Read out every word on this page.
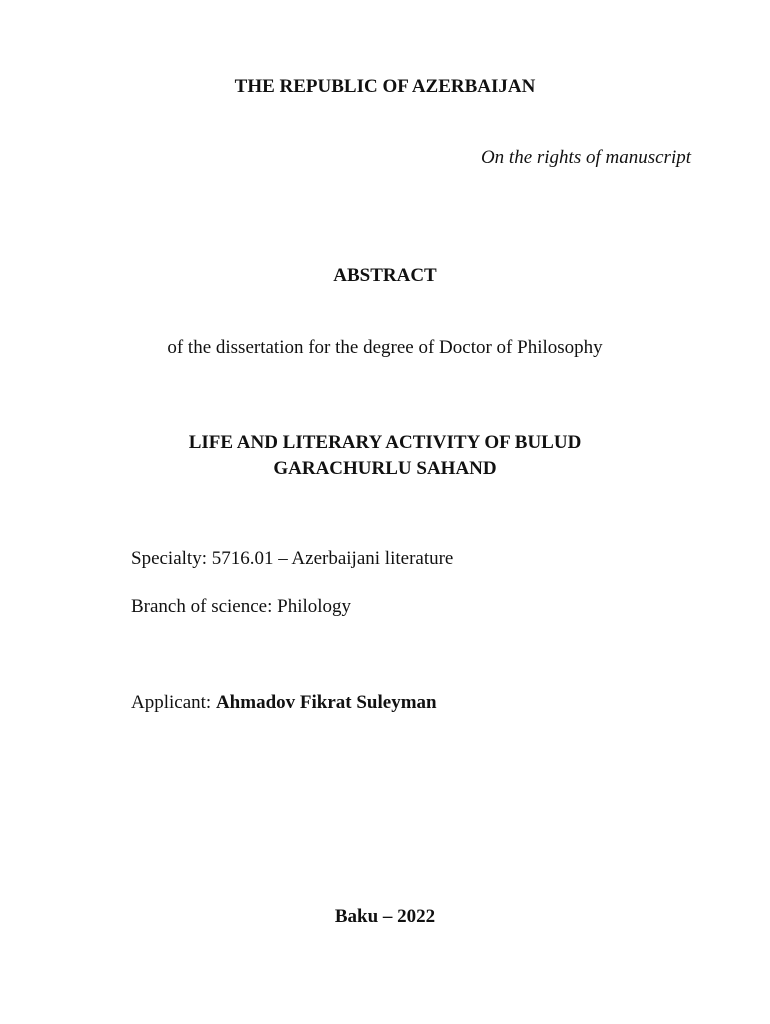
THE REPUBLIC OF AZERBAIJAN
On the rights of manuscript
ABSTRACT
of the dissertation for the degree of Doctor of Philosophy
LIFE AND LITERARY ACTIVITY OF BULUD
GARACHURLU SAHAND
Specialty: 5716.01 – Azerbaijani literature
Branch of science: Philology
Applicant: Ahmadov Fikrat Suleyman
Baku – 2022
